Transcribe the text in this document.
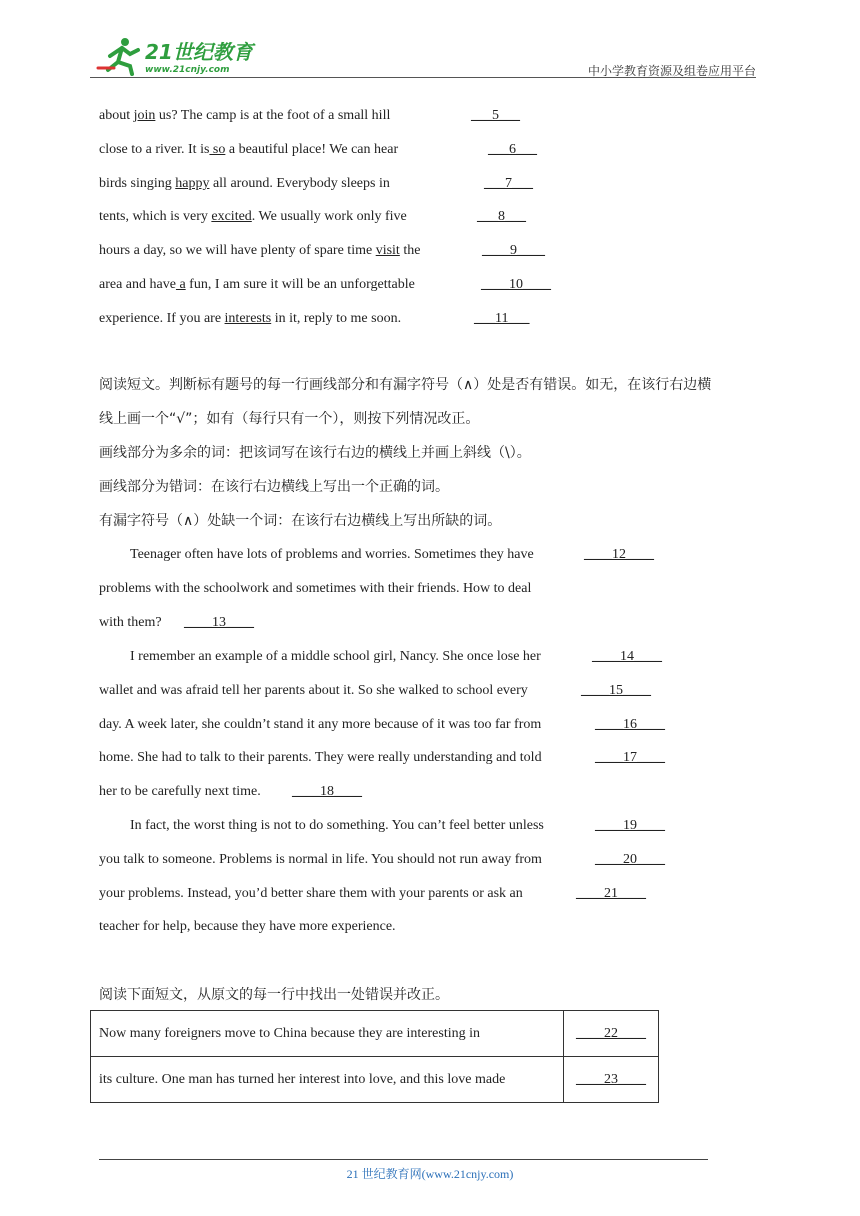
21世纪教育
www.21cnjy.com	中小学教育资源及组卷应用平台
about join us? The camp is at the foot of a small hill	___5___
close to a river. It is so a beautiful place! We can hear	___6___
birds singing happy all around. Everybody sleeps in	___7___
tents, which is very excited. We usually work only five	___8___
hours a day, so we will have plenty of spare time visit the	____9____
area and have a fun, I am sure it will be an unforgettable	____10____
experience. If you are interests in it, reply to me soon.	___11___
阅读短文。判断标有题号的每一行画线部分和有漏字符号（∧）处是否有错误。如无，在该行右边横
线上画一个“√”；如有（每行只有一个），则按下列情况改正。
画线部分为多余的词：把该词写在该行右边的横线上并画上斜线（\）。
画线部分为错词：在该行右边横线上写出一个正确的词。
有漏字符号（∧）处缺一个词：在该行右边横线上写出所缺的词。
Teenager often have lots of problems and worries. Sometimes they have	____12____
problems with the schoolwork and sometimes with their friends. How to deal
with them? ____13____
I remember an example of a middle school girl, Nancy. She once lose her	____14____
wallet and was afraid tell her parents about it. So she walked to school every	____15____
day. A week later, she couldn’t stand it any more because of it was too far from	____16____
home. She had to talk to their parents. They were really understanding and told	____17____
her to be carefully next time. ____18____
In fact, the worst thing is not to do something. You can’t feel better unless	____19____
you talk to someone. Problems is normal in life. You should not run away from	____20____
your problems. Instead, you’d better share them with your parents or ask an	____21____
teacher for help, because they have more experience.
阅读下面短文，从原文的每一行中找出一处错误并改正。
Now many foreigners move to China because they are interesting in	____22____
its culture. One man has turned her interest into love, and this love made	____23____
21 世纪教育网(www.21cnjy.com)
